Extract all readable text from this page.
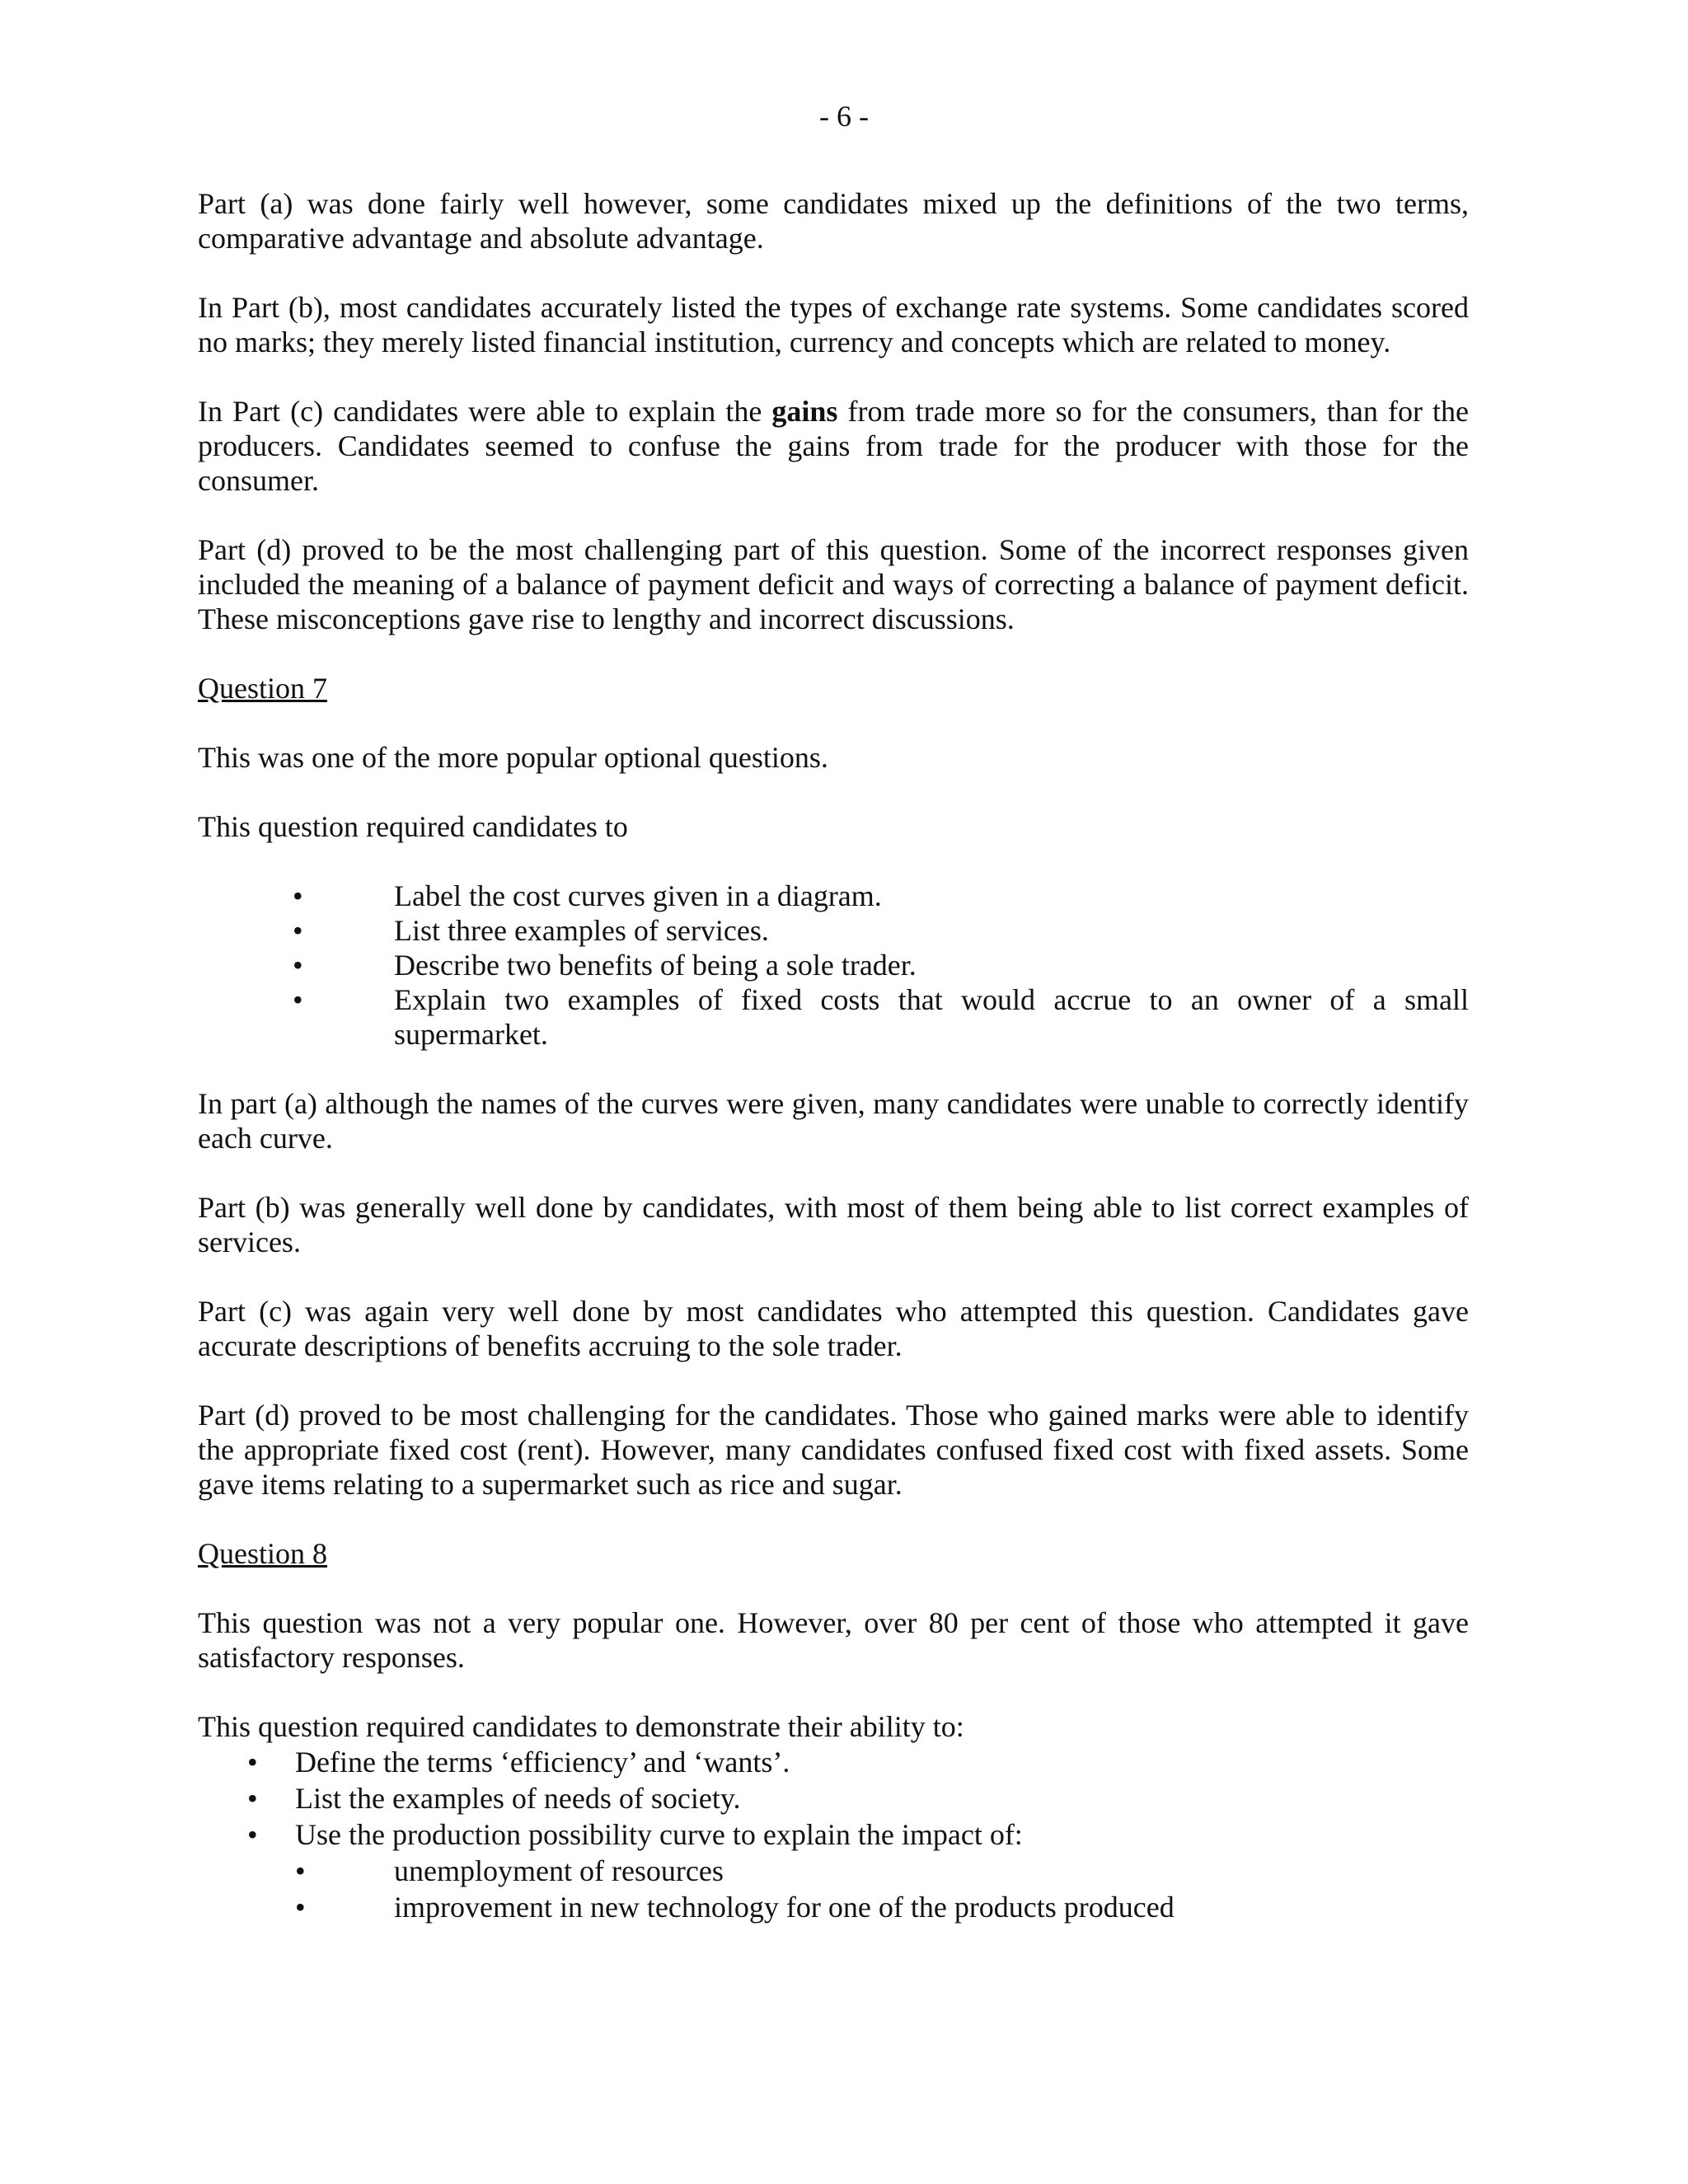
- 6 -

Part (a) was done fairly well however, some candidates mixed up the definitions of the two terms, comparative advantage and absolute advantage.

In Part (b), most candidates accurately listed the types of exchange rate systems. Some candidates scored no marks; they merely listed financial institution, currency and concepts which are related to money.

In Part (c) candidates were able to explain the gains from trade more so for the consumers, than for the producers. Candidates seemed to confuse the gains from trade for the producer with those for the consumer.

Part (d) proved to be the most challenging part of this question. Some of the incorrect responses given included the meaning of a balance of payment deficit and ways of correcting a balance of payment deficit. These misconceptions gave rise to lengthy and incorrect discussions.

Question 7

This was one of the more popular optional questions.

This question required candidates to

•	Label the cost curves given in a diagram.
•	List three examples of services.
•	Describe two benefits of being a sole trader.
•	Explain two examples of fixed costs that would accrue to an owner of a small supermarket.

In part (a) although the names of the curves were given, many candidates were unable to correctly identify each curve.

Part (b) was generally well done by candidates, with most of them being able to list correct examples of services.

Part (c) was again very well done by most candidates who attempted this question. Candidates gave accurate descriptions of benefits accruing to the sole trader.

Part (d) proved to be most challenging for the candidates. Those who gained marks were able to identify the appropriate fixed cost (rent). However, many candidates confused fixed cost with fixed assets. Some gave items relating to a supermarket such as rice and sugar.

Question 8

This question was not a very popular one. However, over 80 per cent of those who attempted it gave satisfactory responses.

This question required candidates to demonstrate their ability to:

• Define the terms ‘efficiency’ and ‘wants’.
• List the examples of needs of society.
• Use the production possibility curve to explain the impact of:
•	unemployment of resources
•	improvement in new technology for one of the products produced
